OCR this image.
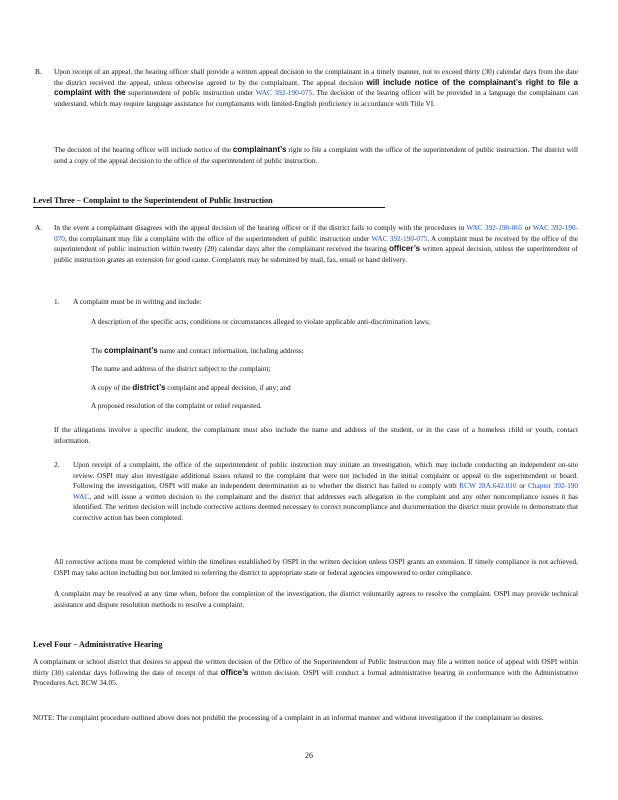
B. Upon receipt of an appeal, the hearing officer shall provide a written appeal decision to the complainant in a timely manner, not to exceed thirty (30) calendar days from the date the district received the appeal, unless otherwise agreed to by the complainant. The appeal decision will include notice of the complainant’s right to file a complaint with the superintendent of public instruction under WAC 392-190-075. The decision of the hearing officer will be provided in a language the complainant can understand, which may require language assistance for complainants with limited-English proficiency in accordance with Title VI.
The decision of the hearing officer will include notice of the complainant’s right to file a complaint with the office of the superintendent of public instruction. The district will send a copy of the appeal decision to the office of the superintendent of public instruction.
Level Three – Complaint to the Superintendent of Public Instruction
A. In the event a complainant disagrees with the appeal decision of the hearing officer or if the district fails to comply with the procedures in WAC 392-190-065 or WAC 392-190-070, the complainant may file a complaint with the office of the superintendent of public instruction under WAC 392-190-075. A complaint must be received by the office of the superintendent of public instruction within twenty (20) calendar days after the complainant received the hearing officer’s written appeal decision, unless the superintendent of public instruction grants an extension for good cause. Complaints may be submitted by mail, fax, email or hand delivery.
1. A complaint must be in writing and include:
A description of the specific acts, conditions or circumstances alleged to violate applicable anti-discrimination laws;
The complainant’s name and contact information, including address;
The name and address of the district subject to the complaint;
A copy of the district’s complaint and appeal decision, if any; and
A proposed resolution of the complaint or relief requested.
If the allegations involve a specific student, the complainant must also include the name and address of the student, or in the case of a homeless child or youth, contact information.
2. Upon receipt of a complaint, the office of the superintendent of public instruction may initiate an investigation, which may include conducting an independent on-site review. OSPI may also investigate additional issues related to the complaint that were not included in the initial complaint or appeal to the superintendent or board. Following the investigation, OSPI will make an independent determination as to whether the district has failed to comply with RCW 28A.642.010 or Chapter 392-190 WAC, and will issue a written decision to the complainant and the district that addresses each allegation in the complaint and any other noncompliance issues it has identified. The written decision will include corrective actions deemed necessary to correct noncompliance and documentation the district must provide to demonstrate that corrective action has been completed.
All corrective actions must be completed within the timelines established by OSPI in the written decision unless OSPI grants an extension. If timely compliance is not achieved, OSPI may take action including but not limited to referring the district to appropriate state or federal agencies empowered to order compliance.
A complaint may be resolved at any time when, before the completion of the investigation, the district voluntarily agrees to resolve the complaint. OSPI may provide technical assistance and dispute resolution methods to resolve a complaint.
Level Four – Administrative Hearing
A complainant or school district that desires to appeal the written decision of the Office of the Superintendent of Public Instruction may file a written notice of appeal with OSPI within thirty (30) calendar days following the date of receipt of that office’s written decision. OSPI will conduct a formal administrative hearing in conformance with the Administrative Procedures Act, RCW 34.05.
NOTE: The complaint procedure outlined above does not prohibit the processing of a complaint in an informal manner and without investigation if the complainant so desires.
26
